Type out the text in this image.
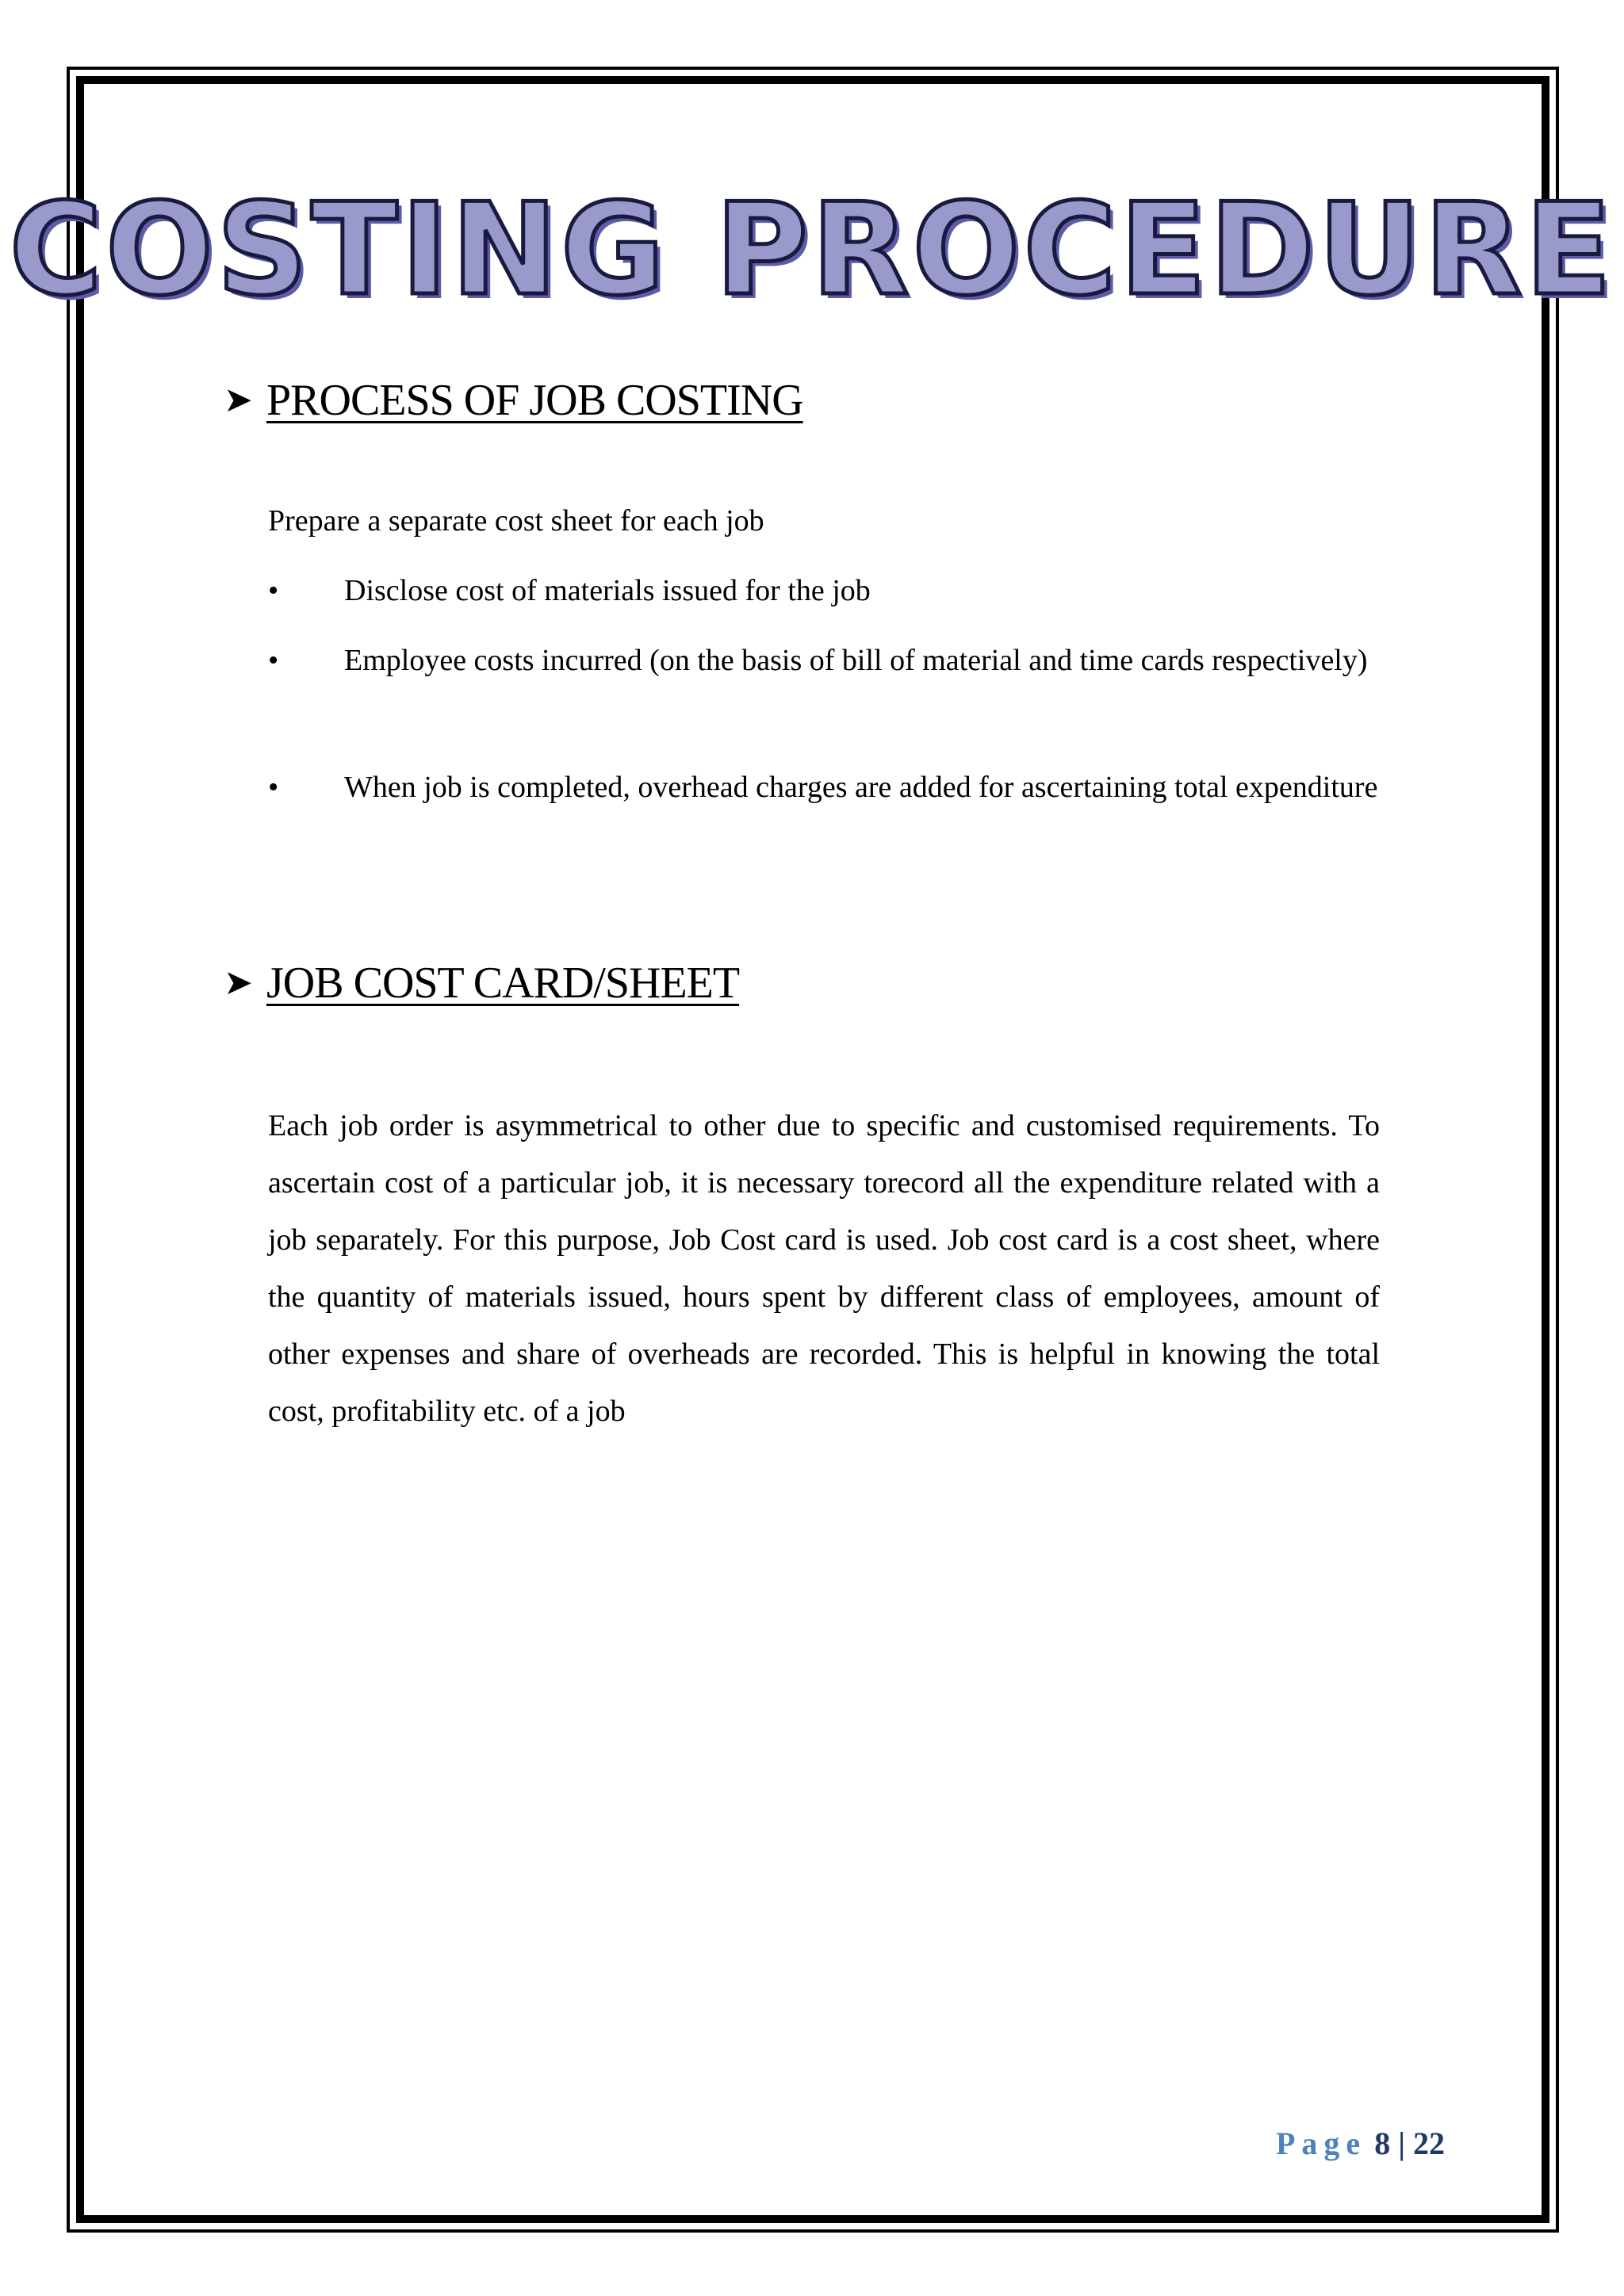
COSTING PROCEDURE
➤ PROCESS OF JOB COSTING

Prepare a separate cost sheet for each job

• Disclose cost of materials issued for the job

• Employee costs incurred (on the basis of bill of material and time cards respectively)

• When job is completed, overhead charges are added for ascertaining total expenditure

➤ JOB COST CARD/SHEET

Each job order is asymmetrical to other due to specific and customised requirements. To ascertain cost of a particular job, it is necessary torecord all the expenditure related with a job separately. For this purpose, Job Cost card is used. Job cost card is a cost sheet, where the quantity of materials issued, hours spent by different class of employees, amount of other expenses and share of overheads are recorded. This is helpful in knowing the total cost, profitability etc. of a job

Page 8 | 22
